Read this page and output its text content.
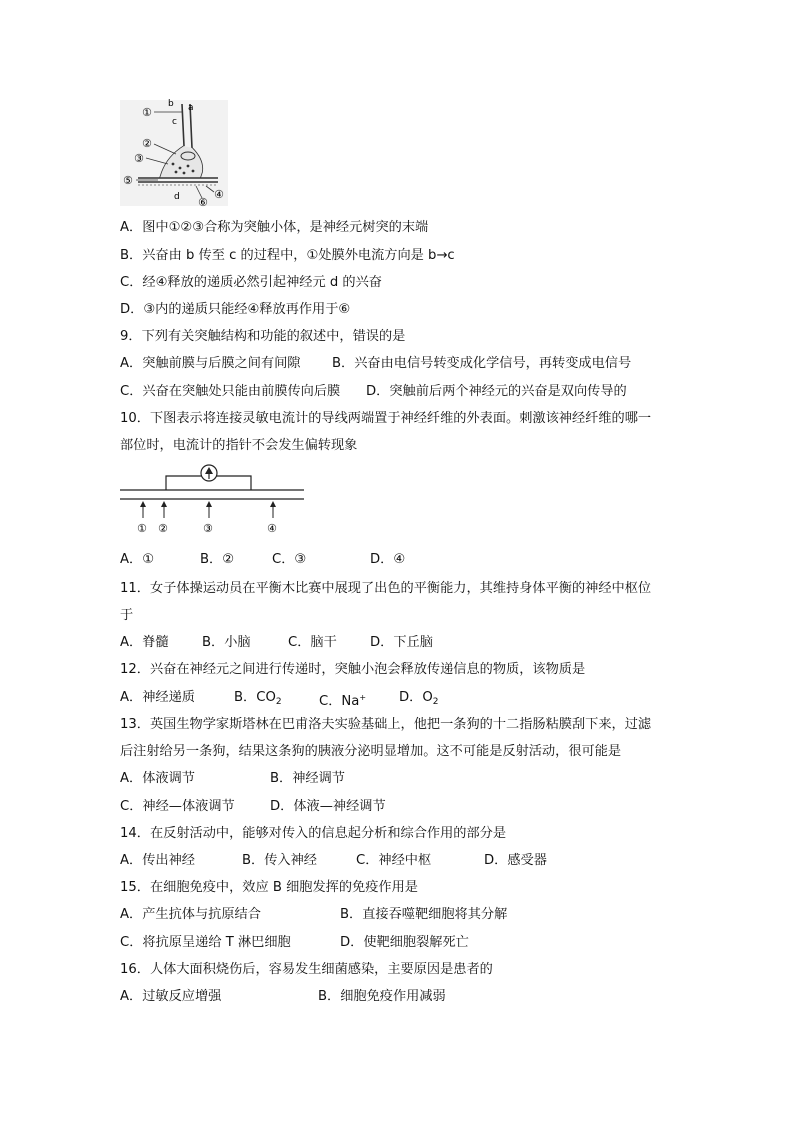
①
b a
c
②
③
⑤
d	④
⑥
A．图中①②③合称为突触小体，是神经元树突的末端
B．兴奋由 b 传至 c 的过程中，①处膜外电流方向是 b→c
C．经④释放的递质必然引起神经元 d 的兴奋
D．③内的递质只能经④释放再作用于⑥
9．下列有关突触结构和功能的叙述中，错误的是
A．突触前膜与后膜之间有间隙 B．兴奋由电信号转变成化学信号，再转变成电信号
C．兴奋在突触处只能由前膜传向后膜 D．突触前后两个神经元的兴奋是双向传导的
10．下图表示将连接灵敏电流计的导线两端置于神经纤维的外表面。刺激该神经纤维的哪一
部位时，电流计的指针不会发生偏转现象
① ②	③	④
A．①	B．②	C．③	D．④
11．女子体操运动员在平衡木比赛中展现了出色的平衡能力，其维持身体平衡的神经中枢位
于
A．脊髓	B．小脑	C．脑干	D．下丘脑
12．兴奋在神经元之间进行传递时，突触小泡会释放传递信息的物质，该物质是
A．神经递质	B．$CO_2$	C．Na+ D．$O_2$
13．英国生物学家斯塔林在巴甫洛夫实验基础上，他把一条狗的十二指肠粘膜刮下来，过滤
后注射给另一条狗，结果这条狗的胰液分泌明显增加。这不可能是反射活动，很可能是
A．体液调节	B．神经调节
C．神经—体液调节	D．体液—神经调节
14．在反射活动中，能够对传入的信息起分析和综合作用的部分是
A．传出神经	B．传入神经	C．神经中枢	D．感受器
15．在细胞免疫中，效应 B 细胞发挥的免疫作用是
A．产生抗体与抗原结合	B．直接吞噬靶细胞将其分解
C．将抗原呈递给 T 淋巴细胞	D．使靶细胞裂解死亡
16．人体大面积烧伤后，容易发生细菌感染，主要原因是患者的
A．过敏反应增强	B．细胞免疫作用减弱
